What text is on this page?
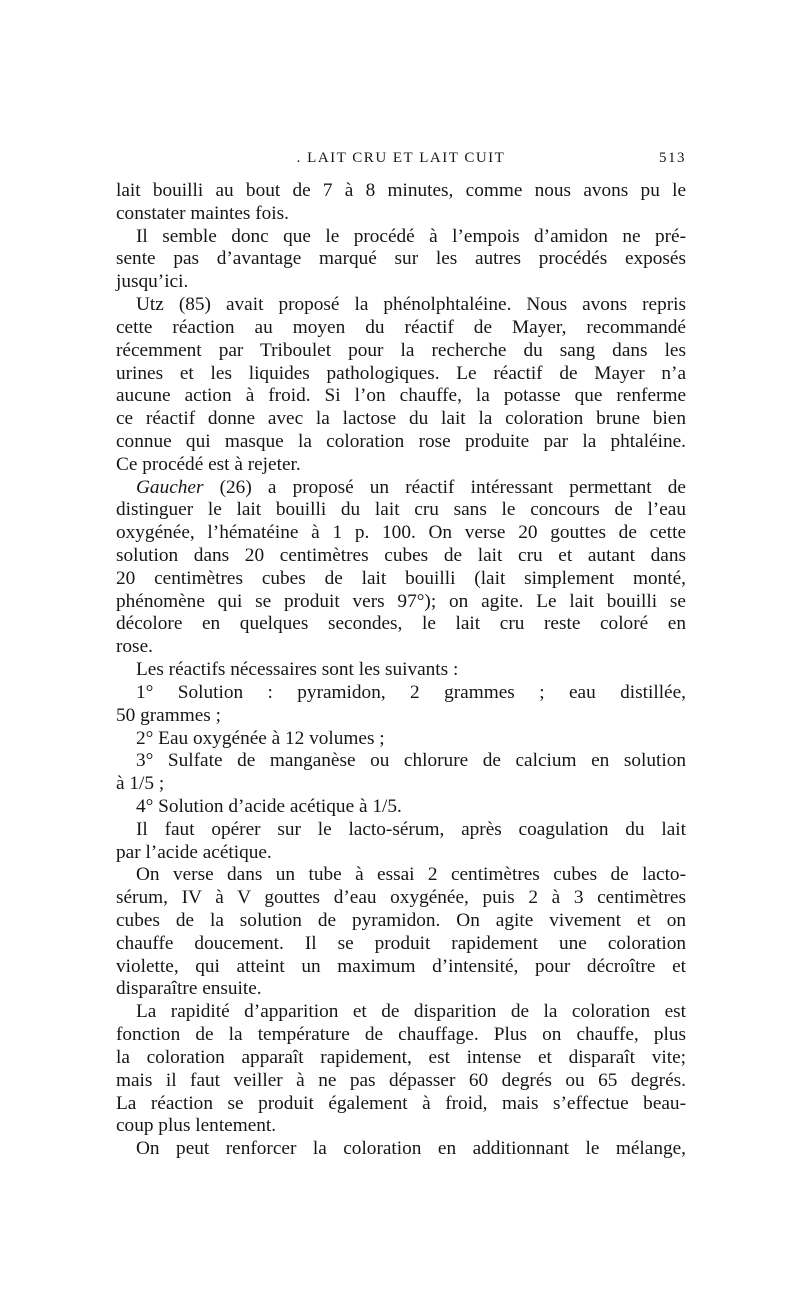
. LAIT CRU ET LAIT CUIT	513
lait bouilli au bout de 7 à 8 minutes, comme nous avons pu le
constater maintes fois.
Il semble donc que le procédé à l’empois d’amidon ne pré-
sente pas d’avantage marqué sur les autres procédés exposés
jusqu’ici.
Utz (85) avait proposé la phénolphtaléine. Nous avons repris
cette réaction au moyen du réactif de Mayer, recommandé
récemment par Triboulet pour la recherche du sang dans les
urines et les liquides pathologiques. Le réactif de Mayer n’a
aucune action à froid. Si l’on chauffe, la potasse que renferme
ce réactif donne avec la lactose du lait la coloration brune bien
connue qui masque la coloration rose produite par la phtaléine.
Ce procédé est à rejeter.
Gaucher (26) a proposé un réactif intéressant permettant de
distinguer le lait bouilli du lait cru sans le concours de l’eau
oxygénée, l’hématéine à 1 p. 100. On verse 20 gouttes de cette
solution dans 20 centimètres cubes de lait cru et autant dans
20 centimètres cubes de lait bouilli (lait simplement monté,
phénomène qui se produit vers 97°); on agite. Le lait bouilli se
décolore en quelques secondes, le lait cru reste coloré en
rose.
Les réactifs nécessaires sont les suivants :
1° Solution : pyramidon, 2 grammes ; eau distillée,
50 grammes ;
2° Eau oxygénée à 12 volumes ;
3° Sulfate de manganèse ou chlorure de calcium en solution
à 1/5 ;
4° Solution d’acide acétique à 1/5.
Il faut opérer sur le lacto-sérum, après coagulation du lait
par l’acide acétique.
On verse dans un tube à essai 2 centimètres cubes de lacto-
sérum, IV à V gouttes d’eau oxygénée, puis 2 à 3 centimètres
cubes de la solution de pyramidon. On agite vivement et on
chauffe doucement. Il se produit rapidement une coloration
violette, qui atteint un maximum d’intensité, pour décroître et
disparaître ensuite.
La rapidité d’apparition et de disparition de la coloration est
fonction de la température de chauffage. Plus on chauffe, plus
la coloration apparaît rapidement, est intense et disparaît vite;
mais il faut veiller à ne pas dépasser 60 degrés ou 65 degrés.
La réaction se produit également à froid, mais s’effectue beau-
coup plus lentement.
On peut renforcer la coloration en additionnant le mélange,
